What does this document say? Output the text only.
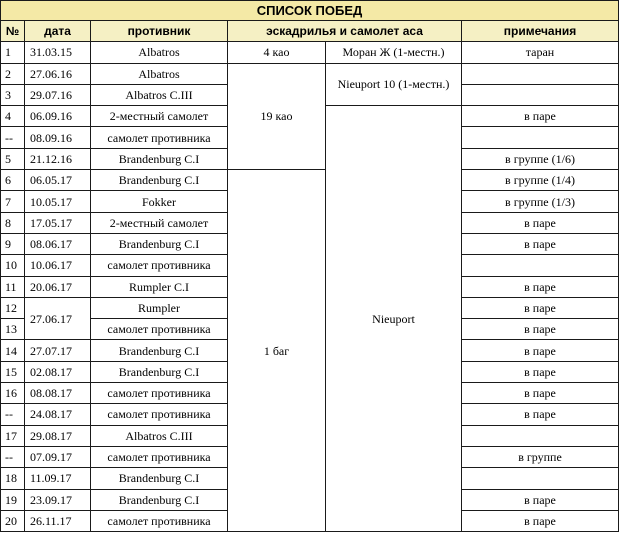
СПИСОК ПОБЕД					
№	дата	противник	эскадрилья и самолет аса		примечания
1	31.03.15	Albatros	4 као	Моран Ж (1-местн.)	таран
2	27.06.16	Albatros	19 као	Nieuport 10 (1-местн.)	
3	29.07.16	Albatros C.III			
4	06.09.16	2-местный самолет		Nieuport	в паре
--	08.09.16	самолет противника			
5	21.12.16	Brandenburg C.I			в группе (1/6)
6	06.05.17	Brandenburg C.I	1 баг		в группе (1/4)
7	10.05.17	Fokker			в группе (1/3)
8	17.05.17	2-местный самолет			в паре
9	08.06.17	Brandenburg C.I			в паре
10	10.06.17	самолет противника			
11	20.06.17	Rumpler C.I			в паре
12	27.06.17	Rumpler			в паре
13		самолет противника			в паре
14	27.07.17	Brandenburg C.I			в паре
15	02.08.17	Brandenburg C.I			в паре
16	08.08.17	самолет противника			в паре
--	24.08.17	самолет противника			в паре
17	29.08.17	Albatros C.III			
--	07.09.17	самолет противника			в группе
18	11.09.17	Brandenburg C.I			
19	23.09.17	Brandenburg C.I			в паре
20	26.11.17	самолет противника			в паре
